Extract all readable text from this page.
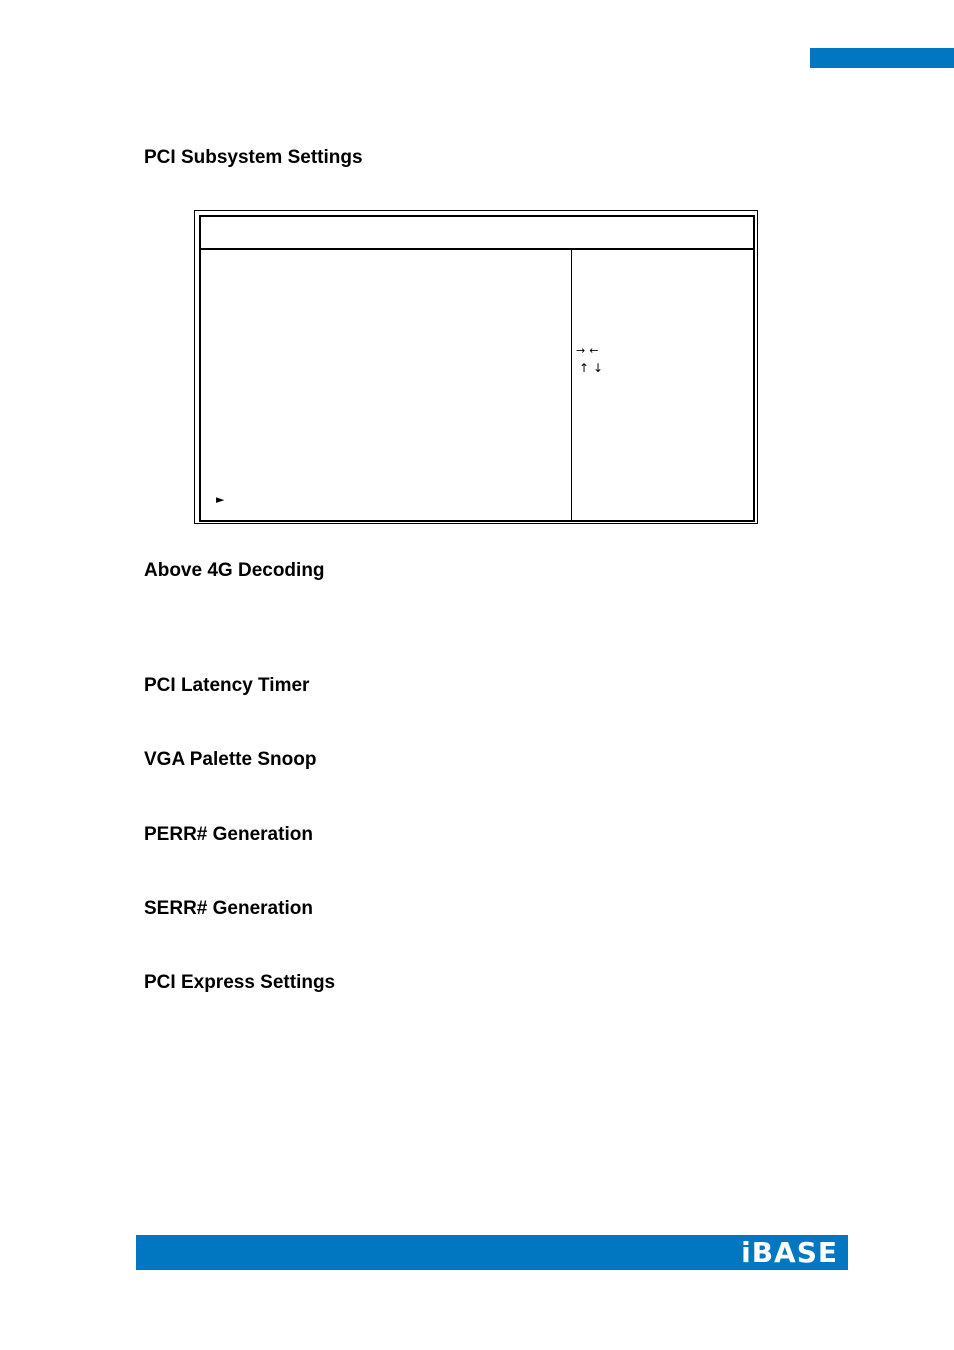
PCI Subsystem Settings
→←
↑↓
►
Above 4G Decoding
PCI Latency Timer
VGA Palette Snoop
PERR# Generation
SERR# Generation
PCI Express Settings
iBASE
